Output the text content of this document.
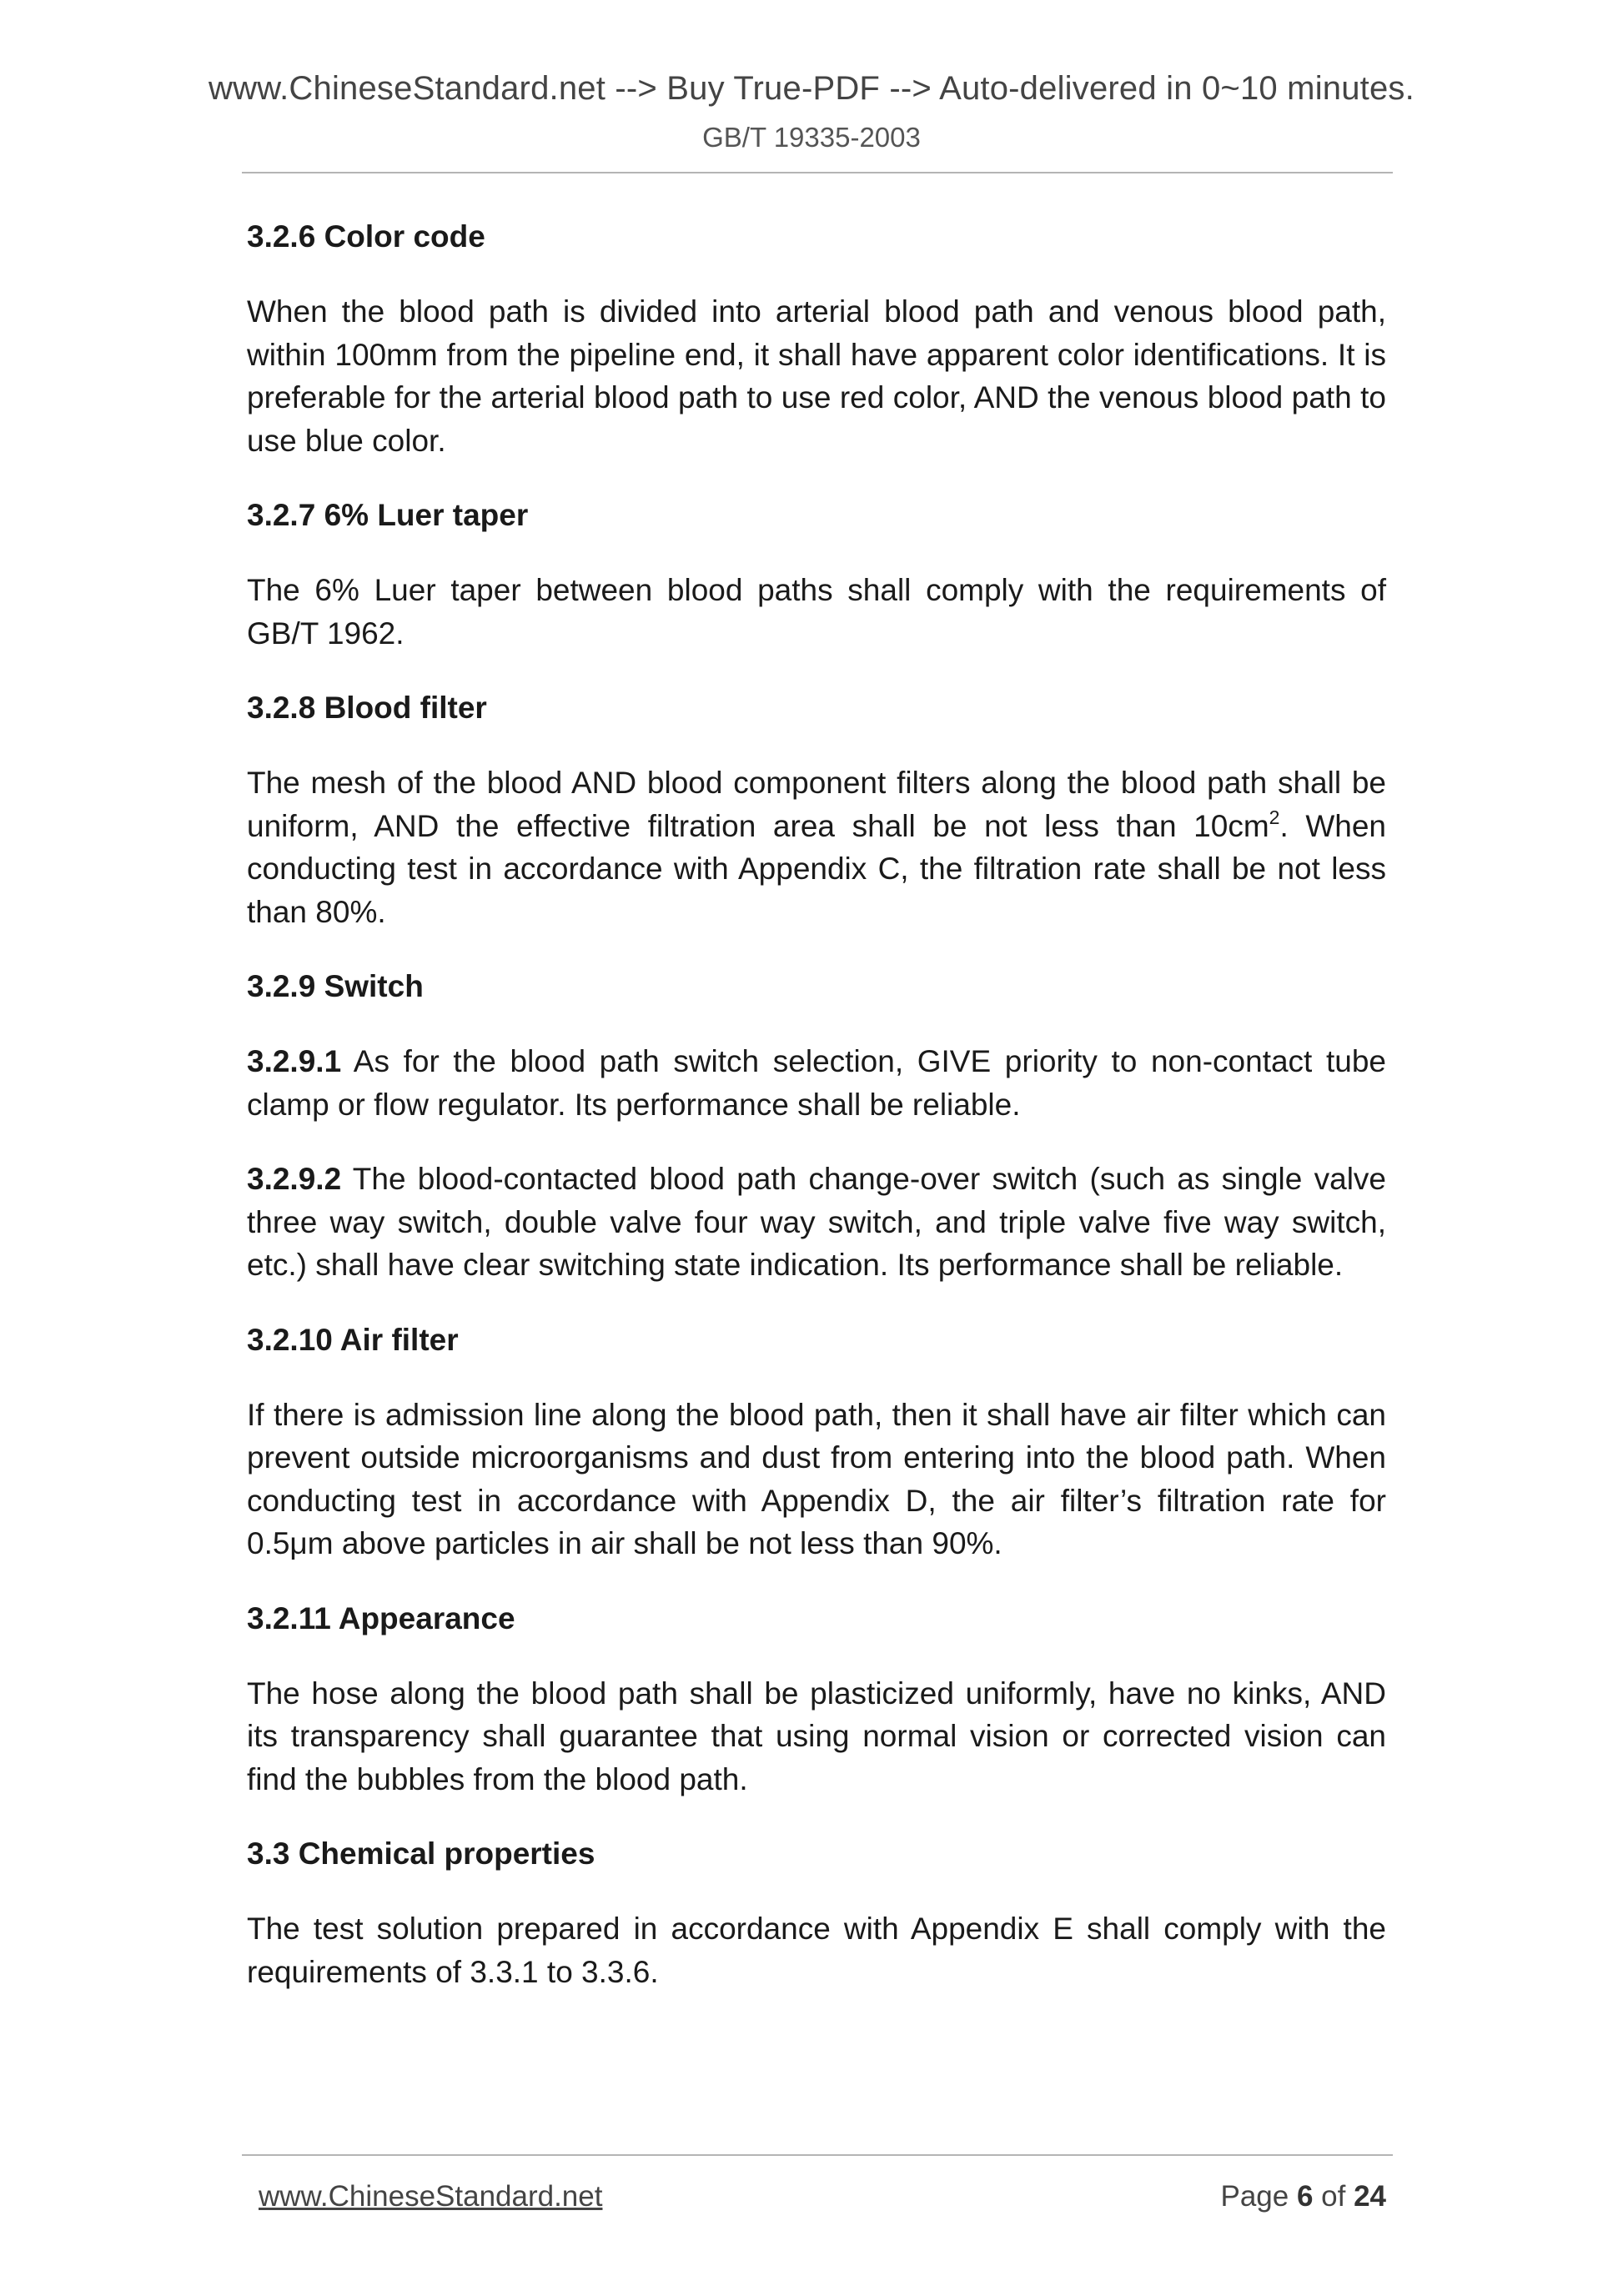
www.ChineseStandard.net --> Buy True-PDF --> Auto-delivered in 0~10 minutes.
GB/T 19335-2003
3.2.6 Color code
When the blood path is divided into arterial blood path and venous blood path, within 100mm from the pipeline end, it shall have apparent color identifications. It is preferable for the arterial blood path to use red color, AND the venous blood path to use blue color.
3.2.7 6% Luer taper
The 6% Luer taper between blood paths shall comply with the requirements of GB/T 1962.
3.2.8 Blood filter
The mesh of the blood AND blood component filters along the blood path shall be uniform, AND the effective filtration area shall be not less than $10cm^2$. When conducting test in accordance with Appendix C, the filtration rate shall be not less than 80%.
3.2.9 Switch
3.2.9.1 As for the blood path switch selection, GIVE priority to non-contact tube clamp or flow regulator. Its performance shall be reliable.
3.2.9.2 The blood-contacted blood path change-over switch (such as single valve three way switch, double valve four way switch, and triple valve five way switch, etc.) shall have clear switching state indication. Its performance shall be reliable.
3.2.10 Air filter
If there is admission line along the blood path, then it shall have air filter which can prevent outside microorganisms and dust from entering into the blood path. When conducting test in accordance with Appendix D, the air filter’s filtration rate for 0.5μm above particles in air shall be not less than 90%.
3.2.11 Appearance
The hose along the blood path shall be plasticized uniformly, have no kinks, AND its transparency shall guarantee that using normal vision or corrected vision can find the bubbles from the blood path.
3.3 Chemical properties
The test solution prepared in accordance with Appendix E shall comply with the requirements of 3.3.1 to 3.3.6.
www.ChineseStandard.net	Page 6 of 24
